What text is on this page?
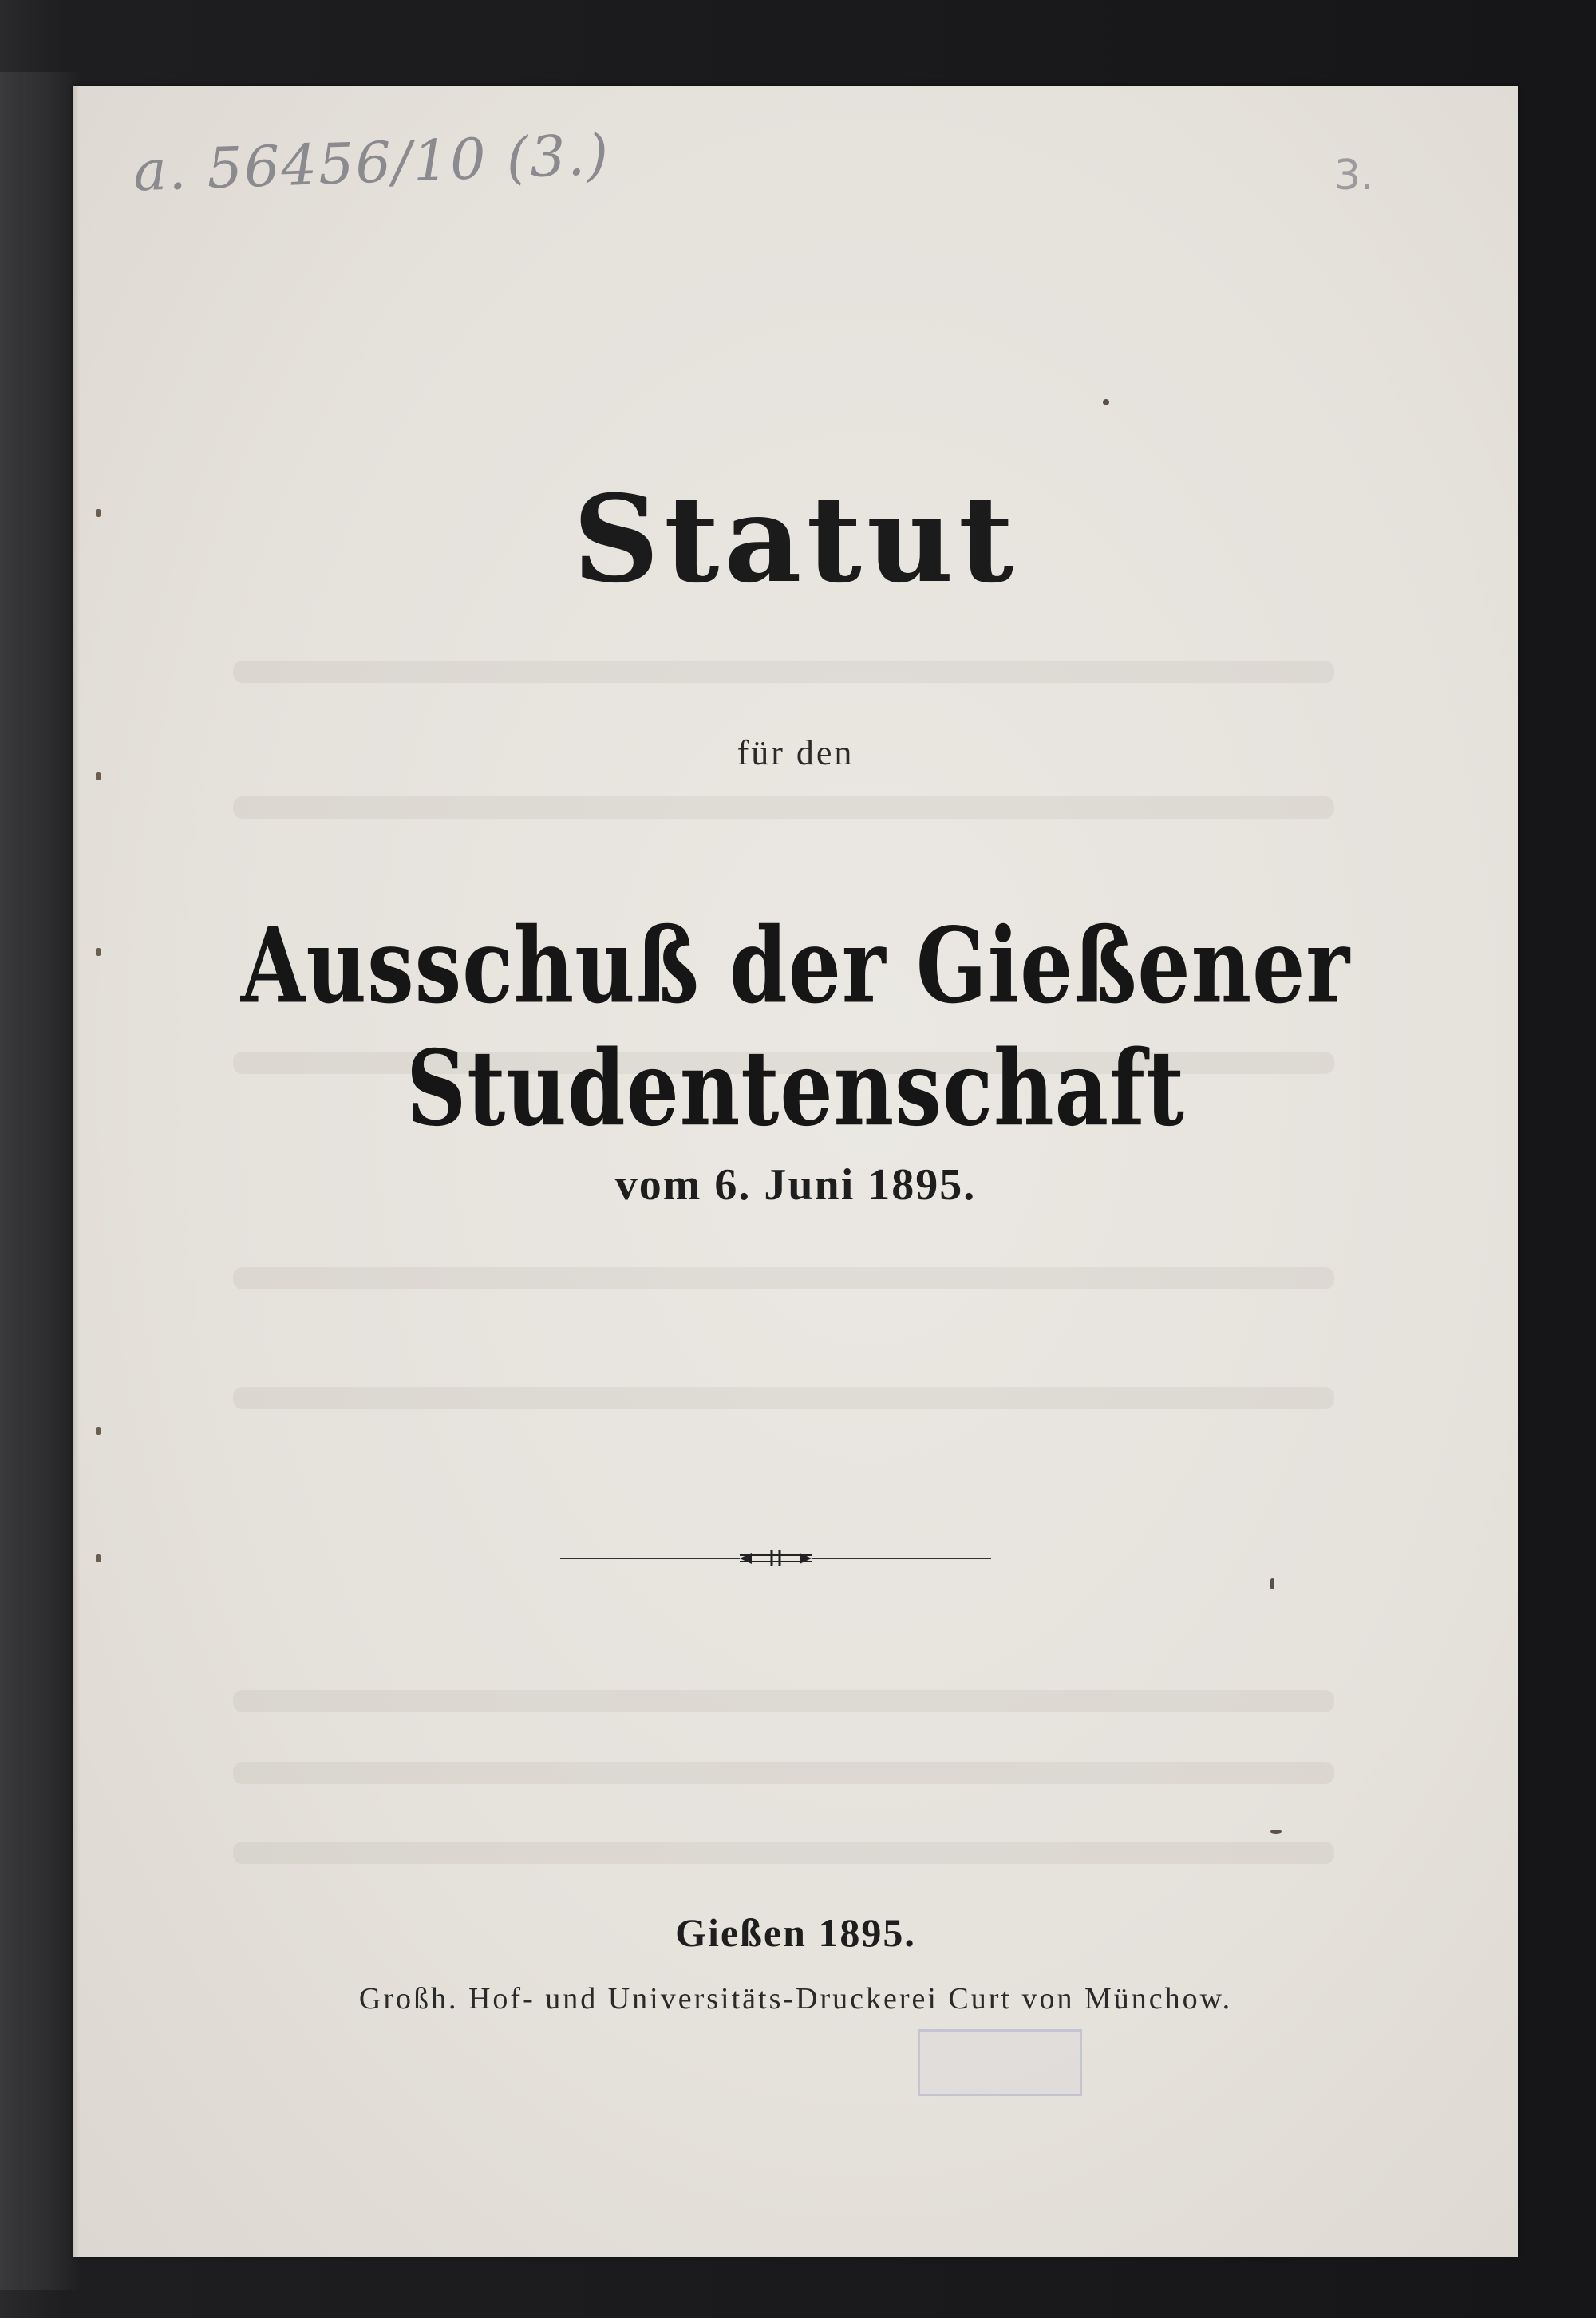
a. 56456/10 (3.)	3.
Statut
für den
Ausschuß der Gießener Studentenschaft
vom 6. Juni 1895.
Gießen 1895.
Großh. Hof- und Universitäts-Druckerei Curt von Münchow.
